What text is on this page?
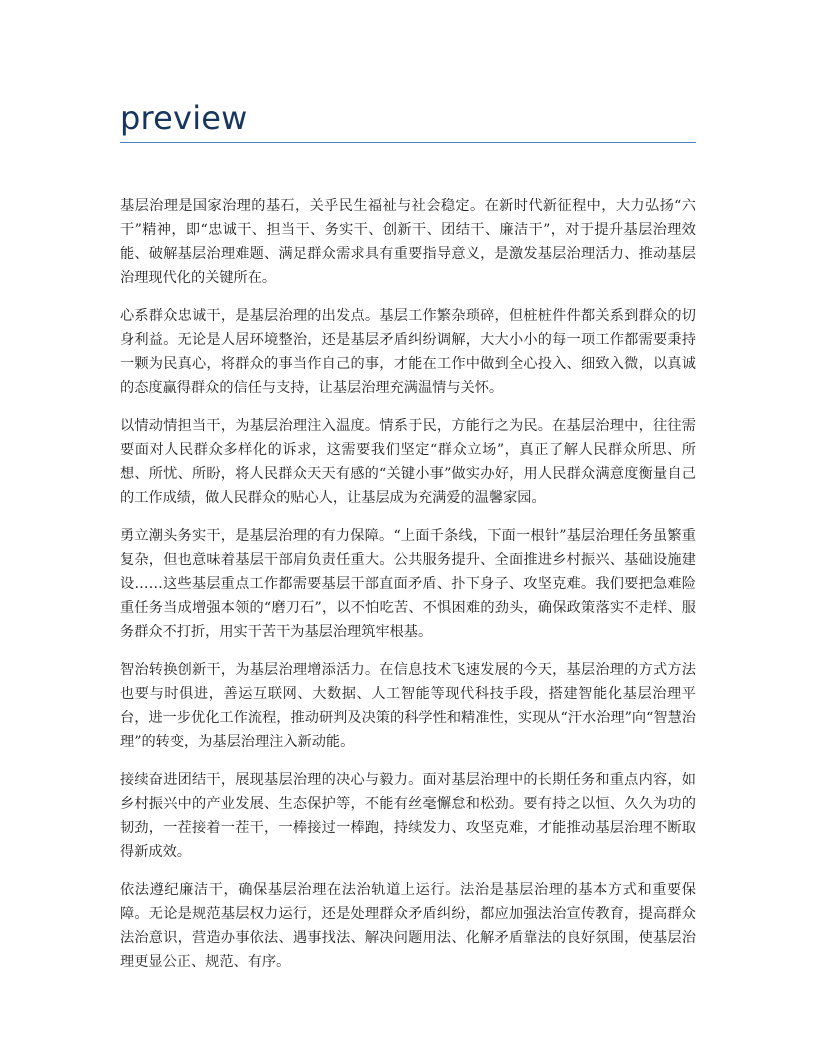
preview

基层治理是国家治理的基石，关乎民生福祉与社会稳定。在新时代新征程中，大力弘扬“六干”精神，即“忠诚干、担当干、务实干、创新干、团结干、廉洁干”，对于提升基层治理效能、破解基层治理难题、满足群众需求具有重要指导意义，是激发基层治理活力、推动基层治理现代化的关键所在。

心系群众忠诚干，是基层治理的出发点。基层工作繁杂琐碎，但桩桩件件都关系到群众的切身利益。无论是人居环境整治，还是基层矛盾纠纷调解，大大小小的每一项工作都需要秉持一颗为民真心，将群众的事当作自己的事，才能在工作中做到全心投入、细致入微，以真诚的态度赢得群众的信任与支持，让基层治理充满温情与关怀。

以情动情担当干，为基层治理注入温度。情系于民，方能行之为民。在基层治理中，往往需要面对人民群众多样化的诉求，这需要我们坚定“群众立场”，真正了解人民群众所思、所想、所忧、所盼，将人民群众天天有感的“关键小事”做实办好，用人民群众满意度衡量自己的工作成绩，做人民群众的贴心人，让基层成为充满爱的温馨家园。

勇立潮头务实干，是基层治理的有力保障。“上面千条线，下面一根针”基层治理任务虽繁重复杂，但也意味着基层干部肩负责任重大。公共服务提升、全面推进乡村振兴、基础设施建设……这些基层重点工作都需要基层干部直面矛盾、扑下身子、攻坚克难。我们要把急难险重任务当成增强本领的“磨刀石”，以不怕吃苦、不惧困难的劲头，确保政策落实不走样、服务群众不打折，用实干苦干为基层治理筑牢根基。

智治转换创新干，为基层治理增添活力。在信息技术飞速发展的今天，基层治理的方式方法也要与时俱进，善运互联网、大数据、人工智能等现代科技手段，搭建智能化基层治理平台，进一步优化工作流程，推动研判及决策的科学性和精准性，实现从“汗水治理”向“智慧治理”的转变，为基层治理注入新动能。

接续奋进团结干，展现基层治理的决心与毅力。面对基层治理中的长期任务和重点内容，如乡村振兴中的产业发展、生态保护等，不能有丝毫懈怠和松劲。要有持之以恒、久久为功的韧劲，一茬接着一茬干，一棒接过一棒跑，持续发力、攻坚克难，才能推动基层治理不断取得新成效。

依法遵纪廉洁干，确保基层治理在法治轨道上运行。法治是基层治理的基本方式和重要保障。无论是规范基层权力运行，还是处理群众矛盾纠纷，都应加强法治宣传教育，提高群众法治意识，营造办事依法、遇事找法、解决问题用法、化解矛盾靠法的良好氛围，使基层治理更显公正、规范、有序。
